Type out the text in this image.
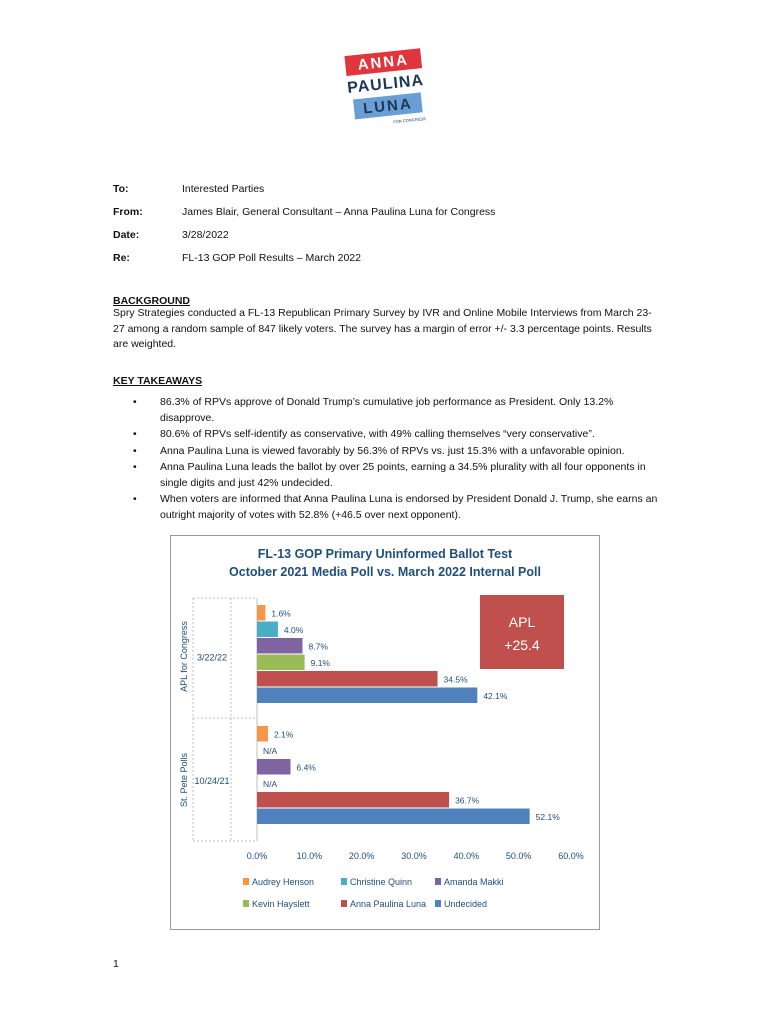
ANNA
PAULINA
LUNA
FOR CONGRESS
To:	Interested Parties
From:	James Blair, General Consultant – Anna Paulina Luna for Congress
Date:	3/28/2022
Re:	FL-13 GOP Poll Results – March 2022
BACKGROUND
Spry Strategies conducted a FL-13 Republican Primary Survey by IVR and Online Mobile Interviews from March 23-27 among a random sample of 847 likely voters. The survey has a margin of error +/- 3.3 percentage points. Results are weighted.
KEY TAKEAWAYS
• 86.3% of RPVs approve of Donald Trump’s cumulative job performance as President. Only 13.2% disapprove.
• 80.6% of RPVs self-identify as conservative, with 49% calling themselves “very conservative”.
• Anna Paulina Luna is viewed favorably by 56.3% of RPVs vs. just 15.3% with a unfavorable opinion.
• Anna Paulina Luna leads the ballot by over 25 points, earning a 34.5% plurality with all four opponents in single digits and just 42% undecided.
• When voters are informed that Anna Paulina Luna is endorsed by President Donald J. Trump, she earns an outright majority of votes with 52.8% (+46.5 over next opponent).
FL-13 GOP Primary Uninformed Ballot Test
October 2021 Media Poll vs. March 2022 Internal Poll
APL for Congress 3/22/22
1.6%
4.0%
8.7%
9.1%
34.5%
42.1%
St. Pete Polls 10/24/21
2.1%
N/A
6.4%
N/A
36.7%
52.1%
0.0%	10.0%	20.0%	30.0%	40.0%	50.0%	60.0%
APL
+25.4
Audrey Henson	Christine Quinn	Amanda Makki
Kevin Hayslett	Anna Paulina Luna Undecided
1
